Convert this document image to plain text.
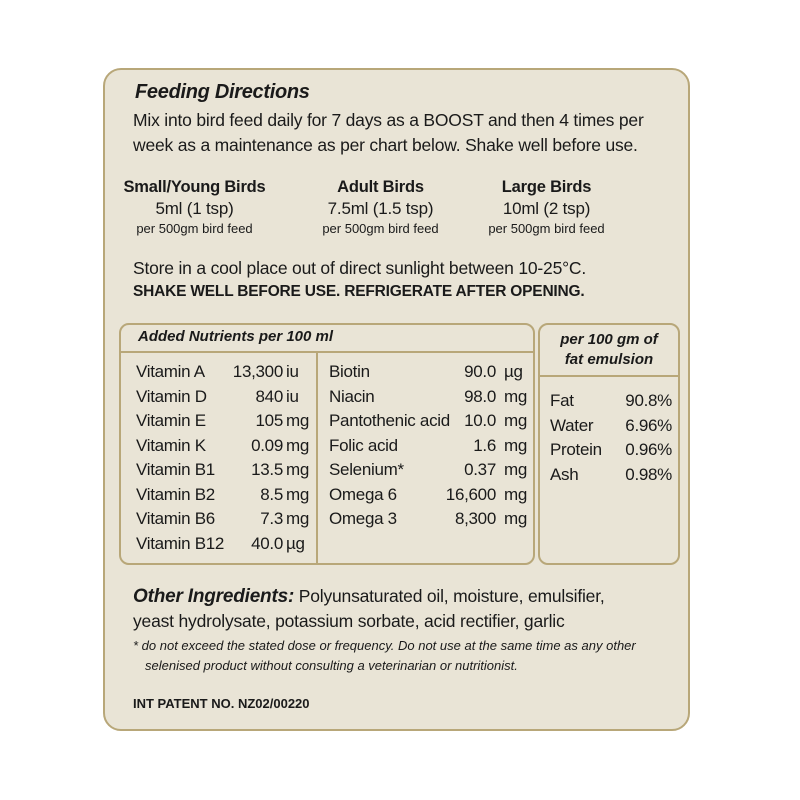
Feeding Directions
Mix into bird feed daily for 7 days as a BOOST and then 4 times per
week as a maintenance as per chart below. Shake well before use.
Small/Young Birds
5ml (1 tsp)
per 500gm bird feed
Adult Birds
7.5ml (1.5 tsp)
per 500gm bird feed
Large Birds
10ml (2 tsp)
per 500gm bird feed
Store in a cool place out of direct sunlight between 10-25°C.
SHAKE WELL BEFORE USE. REFRIGERATE AFTER OPENING.
Added Nutrients per 100 ml
Vitamin A 13,300 iu
Vitamin D	840 iu
Vitamin E	105 mg
Vitamin K	0.09 mg
Vitamin B1 13.5 mg
Vitamin B2	8.5 mg
Vitamin B6	7.3 mg
Vitamin B12 40.0 µg
Biotin	90.0 µg
Niacin	98.0 mg
Pantothenic acid 10.0 mg
Folic acid	1.6 mg
Selenium*	0.37 mg
Omega 6	16,600 mg
Omega 3	8,300 mg
per 100 gm of
fat emulsion
Fat	90.8%
Water 6.96%
Protein 0.96%
Ash	0.98%
Other Ingredients: Polyunsaturated oil, moisture, emulsifier,
yeast hydrolysate, potassium sorbate, acid rectifier, garlic
* do not exceed the stated dose or frequency. Do not use at the same time as any other
selenised product without consulting a veterinarian or nutritionist.
INT PATENT NO. NZ02/00220
